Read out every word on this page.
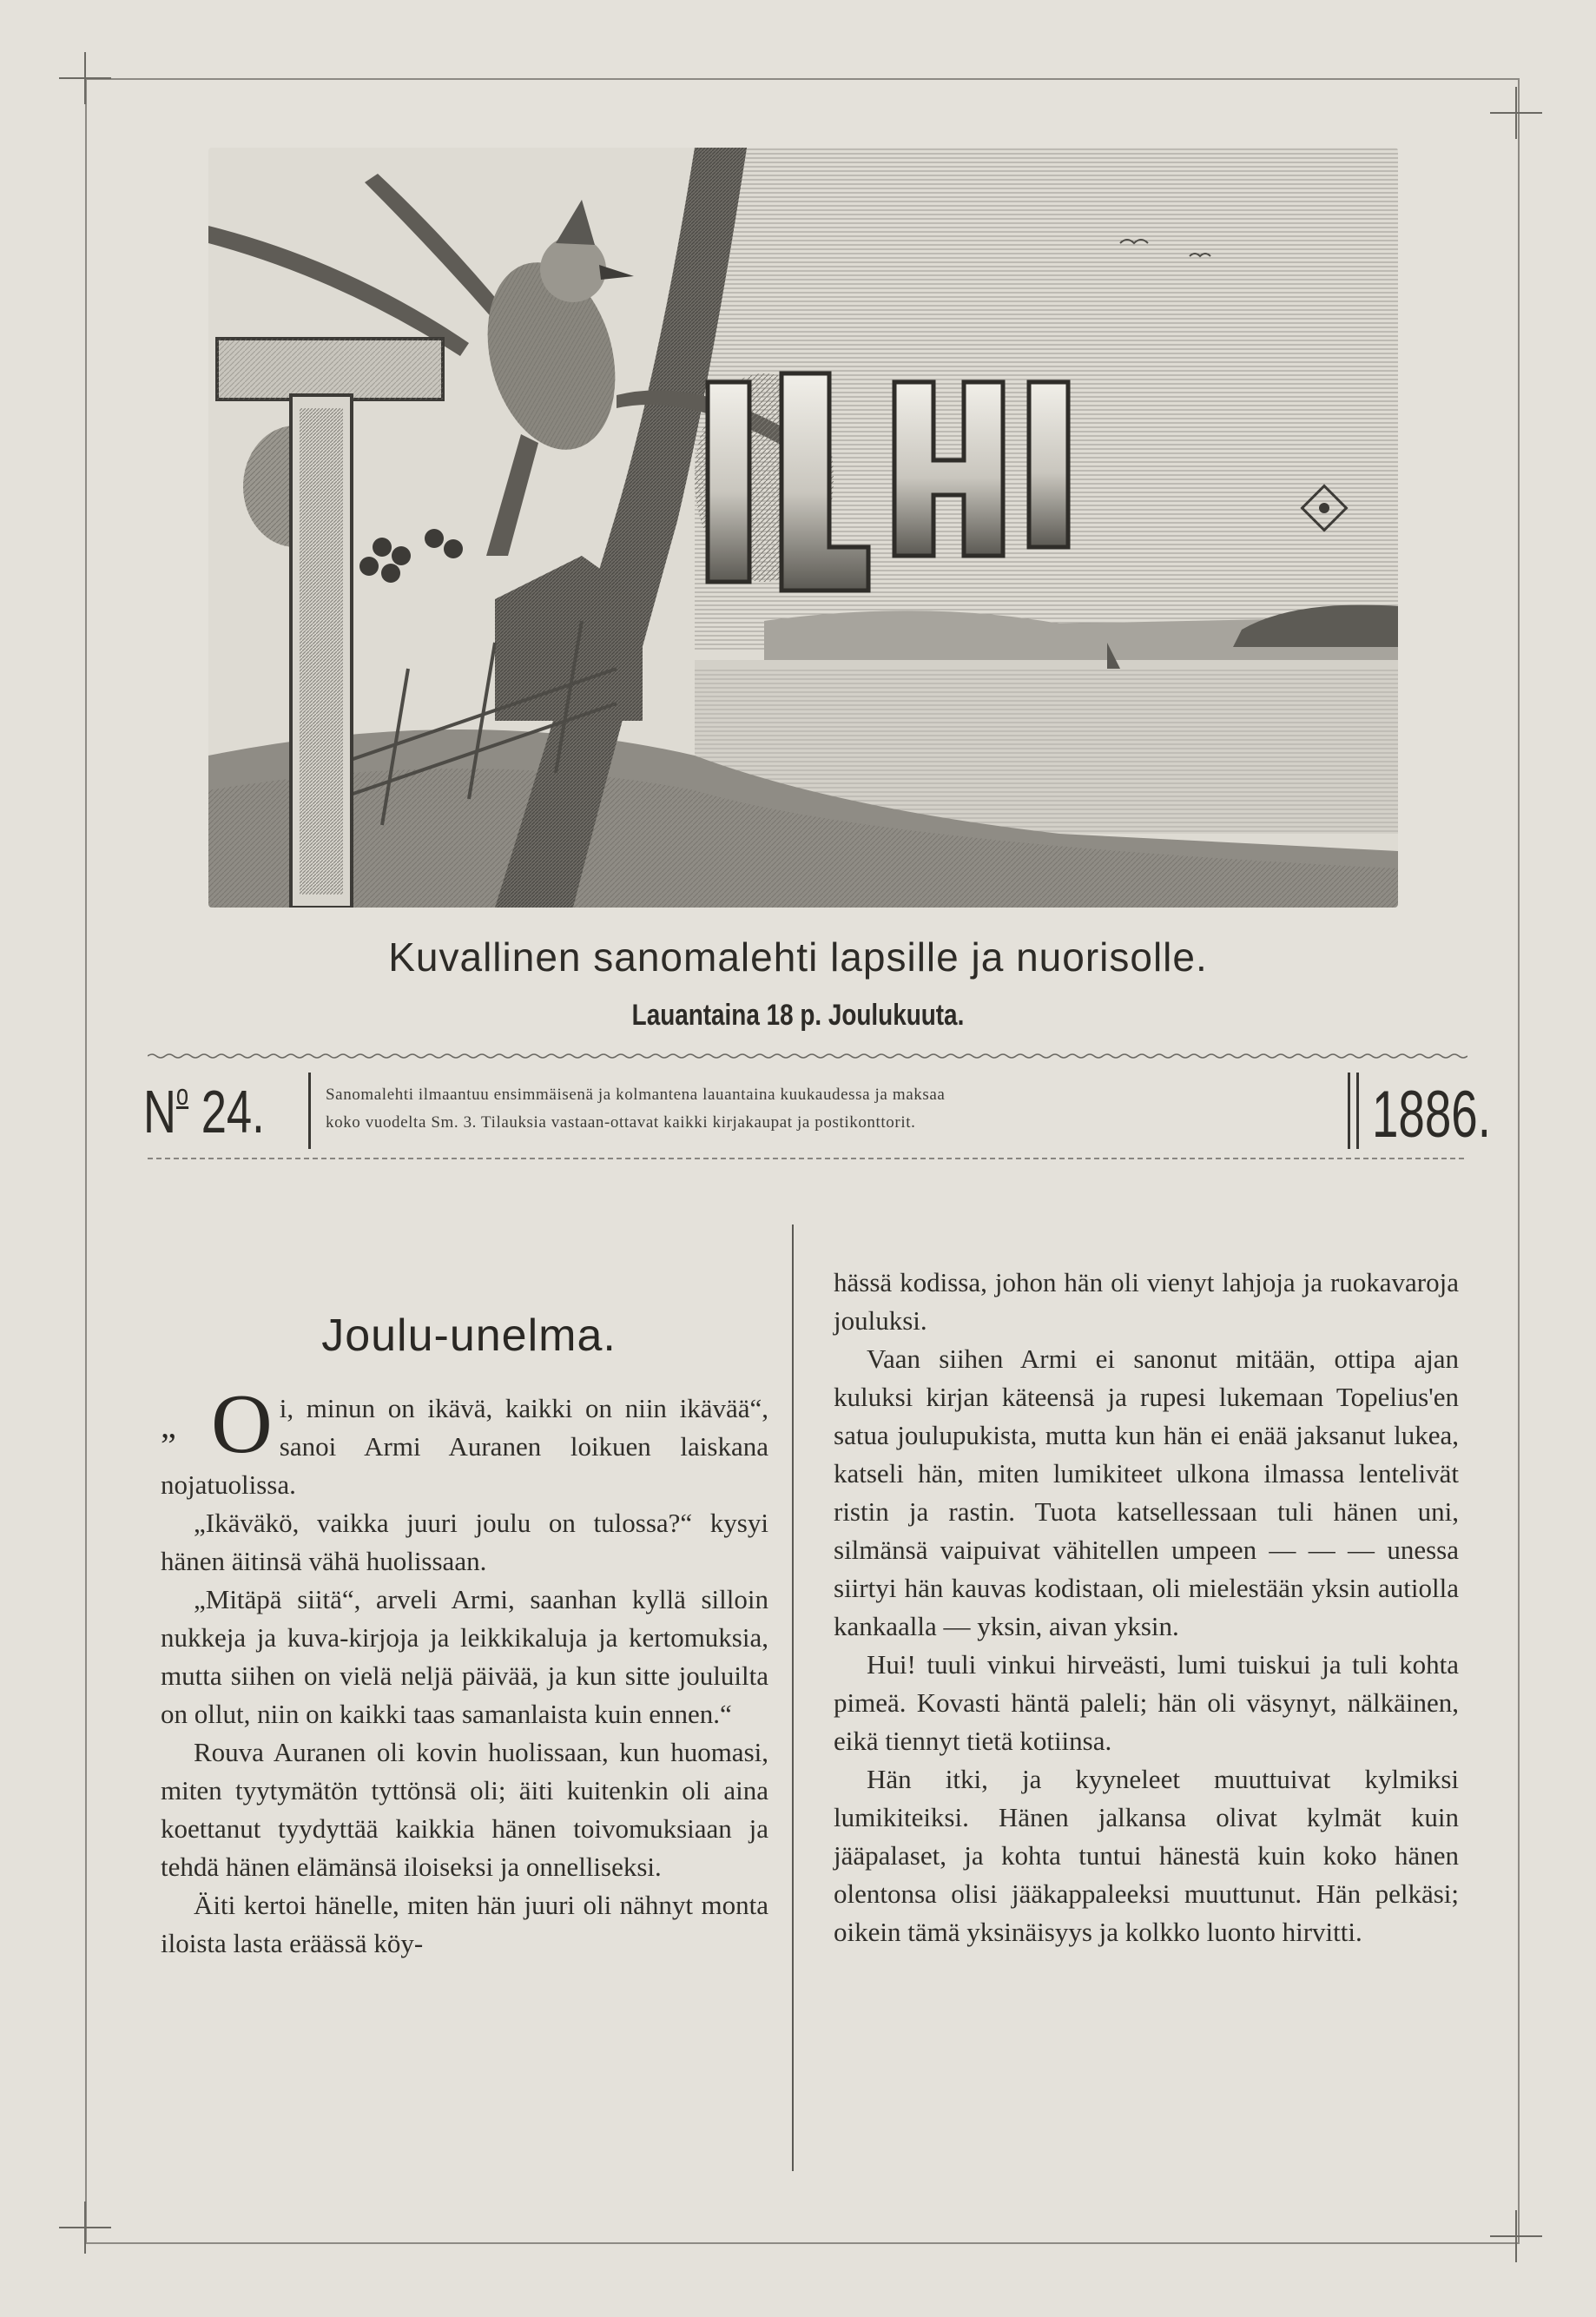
Kuvallinen sanomalehti lapsille ja nuorisolle.
Lauantaina 18 p. Joulukuuta.
$N^o$ 24.	Sanomalehti ilmaantuu ensimmäisenä ja kolmantena lauantaina kuukaudessa ja maksaa
koko vuodelta Sm. 3. Tilauksia vastaan-ottavat kaikki kirjakaupat ja postikonttorit.	1886.
Joulu-unelma.

O i, minun on ikävä, kaikki on niin ikävää“, sanoi Armi Auranen loikuen laiskana nojatuolissa.

„Ikäväkö, vaikka juuri joulu on tulossa?“ kysyi hänen äitinsä vähä huolissaan.

„Mitäpä siitä“, arveli Armi, saanhan kyllä silloin nukkeja ja kuva-kirjoja ja leikkikaluja ja kertomuksia, mutta siihen on vielä neljä päivää, ja kun sitte jouluilta on ollut, niin on kaikki taas samanlaista kuin ennen.“

Rouva Auranen oli kovin huolissaan, kun huomasi, miten tyytymätön tyttönsä oli; äiti kuitenkin oli aina koettanut tyydyttää kaikkia hänen toivomuksiaan ja tehdä hänen elämänsä iloiseksi ja onnelliseksi.

Äiti kertoi hänelle, miten hän juuri oli nähnyt monta iloista lasta eräässä köy-

„

hässä kodissa, johon hän oli vienyt lahjoja ja ruokavaroja jouluksi.

Vaan siihen Armi ei sanonut mitään, ottipa ajan kuluksi kirjan käteensä ja rupesi lukemaan Topelius'en satua joulupukista, mutta kun hän ei enää jaksanut lukea, katseli hän, miten lumikiteet ulkona ilmassa lentelivät ristin ja rastin. Tuota katsellessaan tuli hänen uni, silmänsä vaipuivat vähitellen umpeen — — — unessa siirtyi hän kauvas kodistaan, oli mielestään yksin autiolla kankaalla — yksin, aivan yksin.

Hui! tuuli vinkui hirveästi, lumi tuiskui ja tuli kohta pimeä. Kovasti häntä paleli; hän oli väsynyt, nälkäinen, eikä tiennyt tietä kotiinsa.

Hän itki, ja kyyneleet muuttuivat kylmiksi lumikiteiksi. Hänen jalkansa olivat kylmät kuin jääpalaset, ja kohta tuntui hänestä kuin koko hänen olentonsa olisi jääkappaleeksi muuttunut. Hän pelkäsi; oikein tämä yksinäisyys ja kolkko luonto hirvitti.
